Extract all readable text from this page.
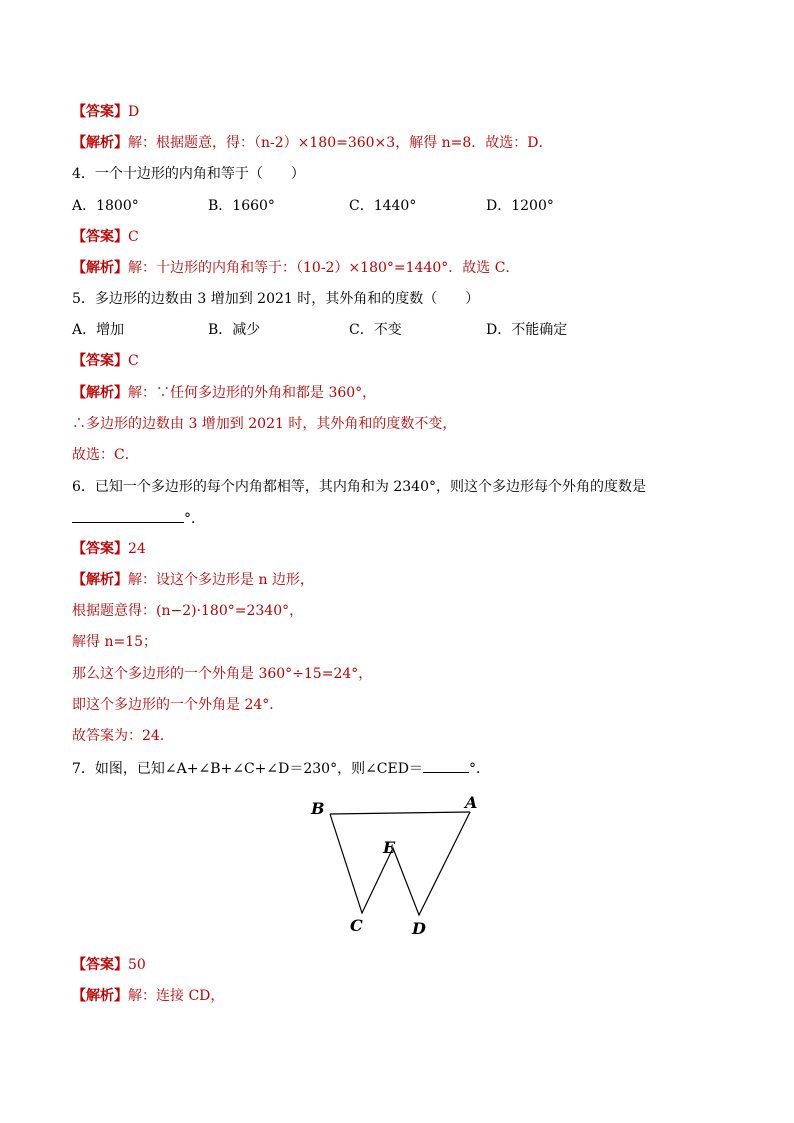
【答案】D
【解析】解：根据题意，得：（n-2）×180=360×3，解得 n=8．故选：D．
4．一个十边形的内角和等于（　　）
A．1800°	B．1660°	C．1440°	D．1200°
【答案】C
【解析】解：十边形的内角和等于：（10-2）×180°=1440°．故选 C．
5．多边形的边数由 3 增加到 2021 时，其外角和的度数（　　）
A．增加	B．减少	C．不变	D．不能确定
【答案】C
【解析】解：∵任何多边形的外角和都是 360°，
∴多边形的边数由 3 增加到 2021 时，其外角和的度数不变，
故选：C．
6．已知一个多边形的每个内角都相等，其内角和为 2340°，则这个多边形每个外角的度数是
°．
【答案】24
【解析】解：设这个多边形是 n 边形，
根据题意得：(n−2)·180°=2340°，
解得 n=15；
那么这个多边形的一个外角是 360°÷15=24°，
即这个多边形的一个外角是 24°．
故答案为：24．
7．如图，已知∠A+∠B+∠C+∠D＝230°，则∠CED＝	°．
B	A
E
C	D
【答案】50
【解析】解：连接 CD，
